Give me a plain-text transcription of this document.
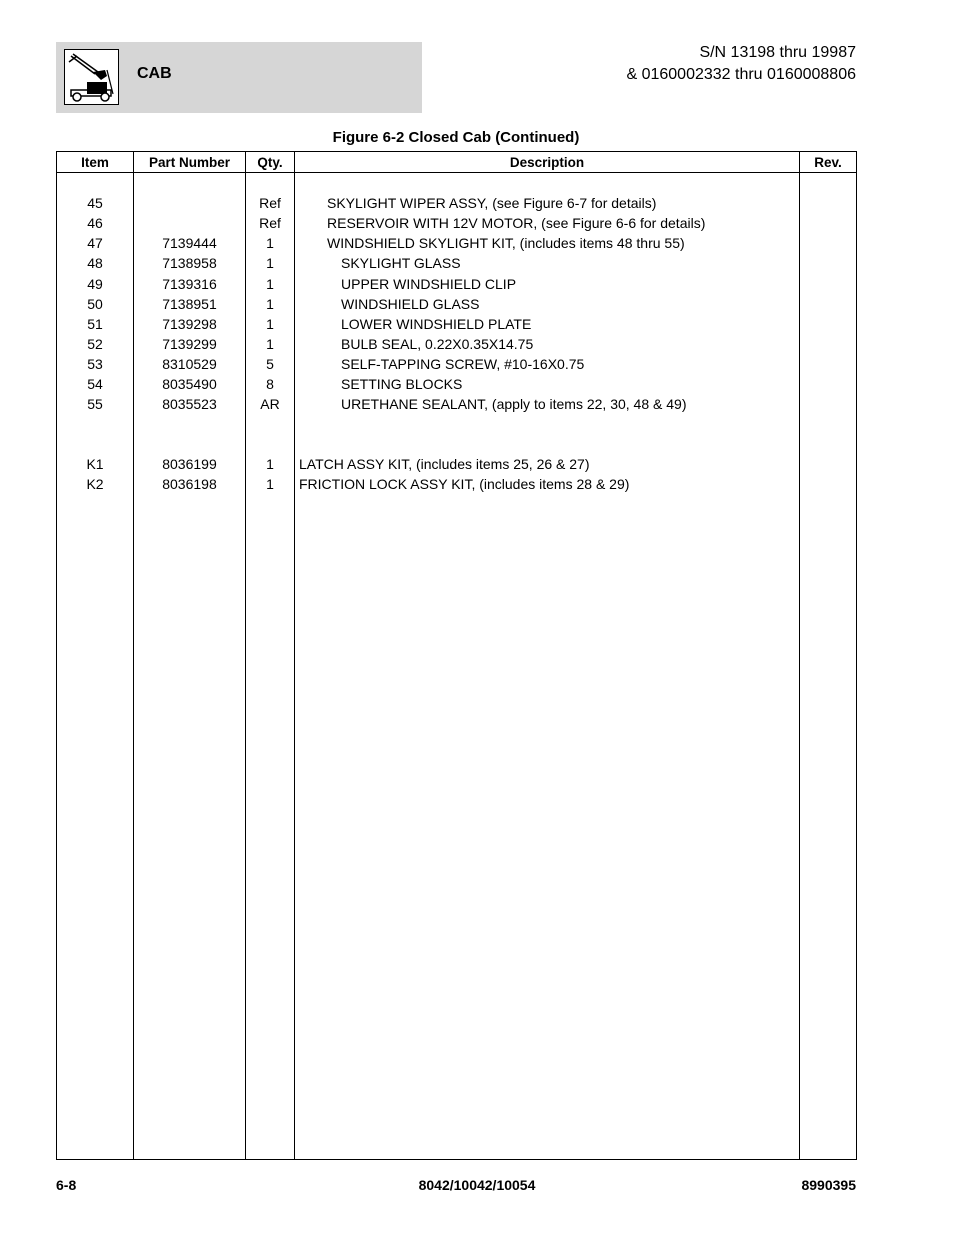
CAB
S/N 13198 thru 19987
& 0160002332 thru 0160008806
Figure 6-2 Closed Cab (Continued)
Item	Part Number	Qty.	Description	Rev.

45		Ref	SKYLIGHT WIPER ASSY, (see Figure 6-7 for details)	
46		Ref	RESERVOIR WITH 12V MOTOR, (see Figure 6-6 for details)	
47	7139444	1	WINDSHIELD SKYLIGHT KIT, (includes items 48 thru 55)	
48	7138958	1	SKYLIGHT GLASS	
49	7139316	1	UPPER WINDSHIELD CLIP	
50	7138951	1	WINDSHIELD GLASS	
51	7139298	1	LOWER WINDSHIELD PLATE	
52	7139299	1	BULB SEAL, 0.22X0.35X14.75	
53	8310529	5	SELF-TAPPING SCREW, #10-16X0.75	
54	8035490	8	SETTING BLOCKS	
55	8035523	AR	URETHANE SEALANT, (apply to items 22, 30, 48 & 49)	

K1	8036199	1	LATCH ASSY KIT, (includes items 25, 26 & 27)	
K2	8036198	1	FRICTION LOCK ASSY KIT, (includes items 28 & 29)	

6-8	8042/10042/10054	8990395
